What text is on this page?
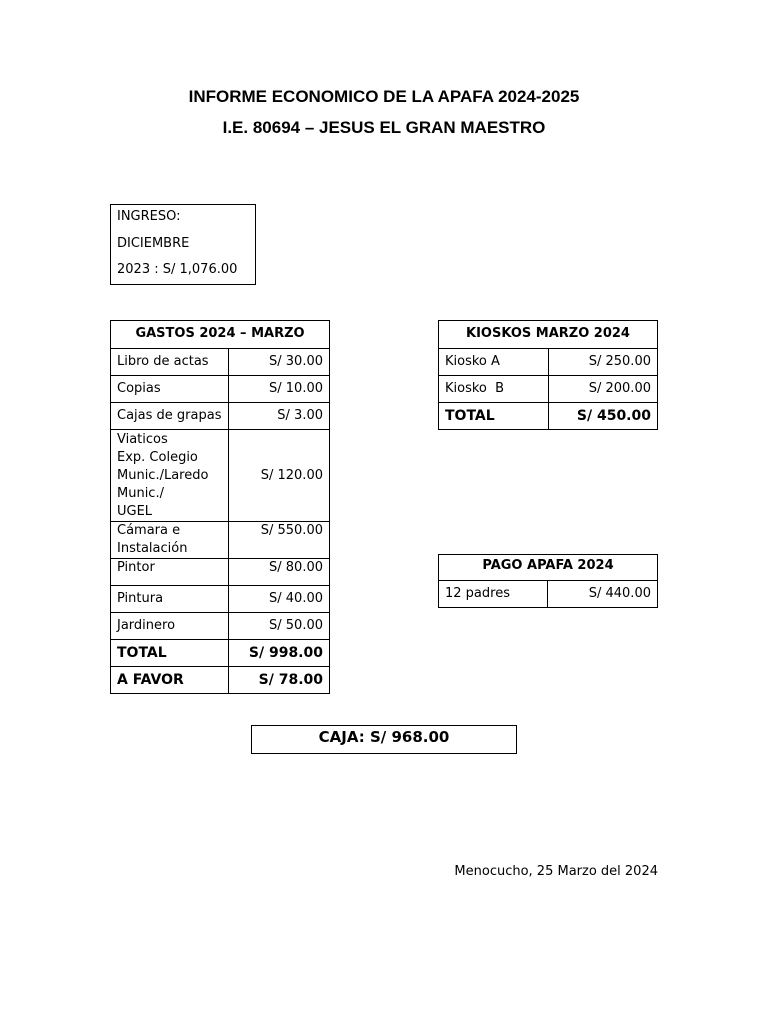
INFORME ECONOMICO DE LA APAFA 2024-2025
I.E. 80694 – JESUS EL GRAN MAESTRO
INGRESO:
DICIEMBRE
2023 : S/ 1,076.00
GASTOS 2024 – MARZO	
Libro de actas	S/ 30.00
Copias	S/ 10.00
Cajas de grapas	S/ 3.00
Viaticos
Exp. Colegio
Munic./Laredo
Munic./
UGEL	S/ 120.00
Cámara e
Instalación	S/ 550.00
Pintor	S/ 80.00
Pintura	S/ 40.00
Jardinero	S/ 50.00
TOTAL	S/ 998.00
A FAVOR	S/ 78.00
KIOSKOS MARZO 2024	
Kiosko A	S/ 250.00
Kiosko  B	S/ 200.00
TOTAL	S/ 450.00
PAGO APAFA 2024
12 padres	S/ 440.00
CAJA: S/ 968.00
Menocucho, 25 Marzo del 2024
